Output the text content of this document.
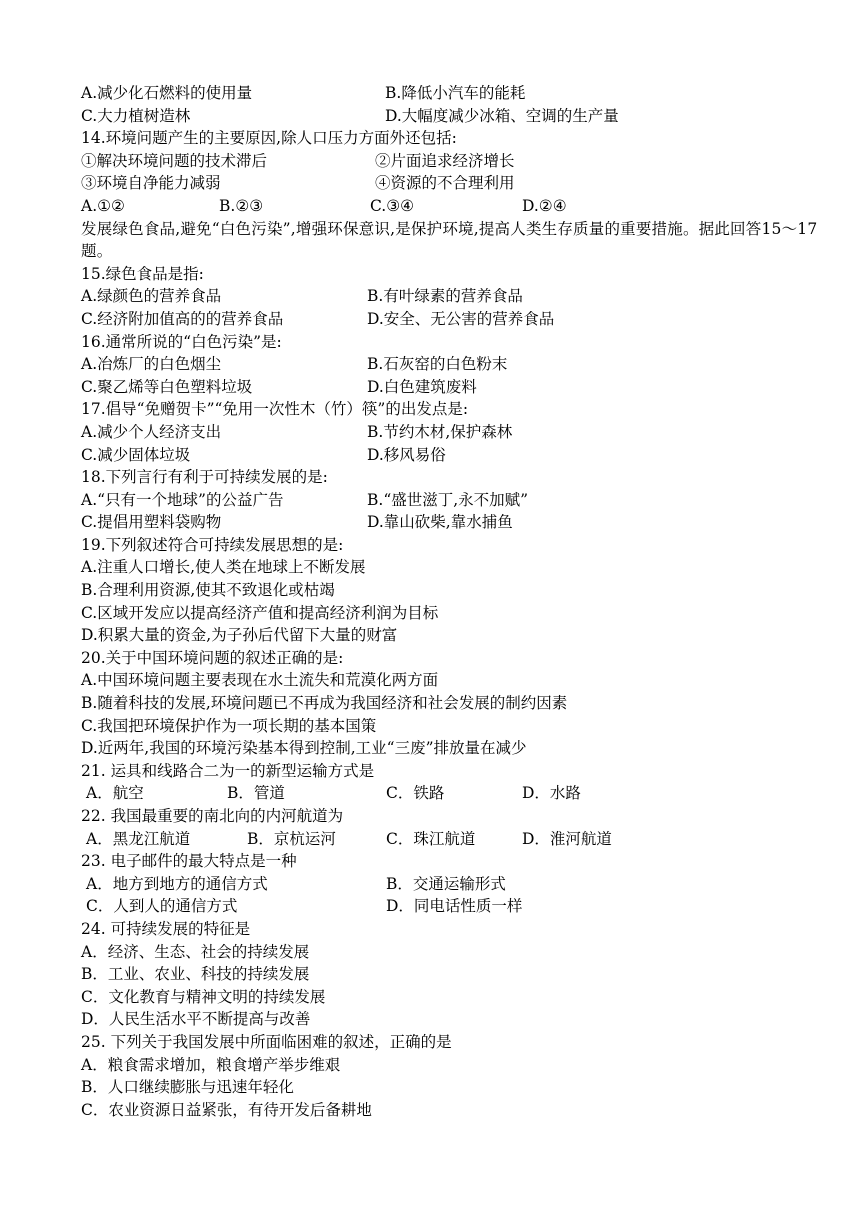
A.减少化石燃料的使用量	B.降低小汽车的能耗
C.大力植树造林	D.大幅度减少冰箱、空调的生产量
14.环境问题产生的主要原因,除人口压力方面外还包括:
①解决环境问题的技术滞后	②片面追求经济增长
③环境自净能力减弱	④资源的不合理利用
A.①②	B.②③	C.③④	D.②④
发展绿色食品,避免“白色污染”,增强环保意识,是保护环境,提高人类生存质量的重要措施。据此回答15～17题。
15.绿色食品是指:
A.绿颜色的营养食品	B.有叶绿素的营养食品
C.经济附加值高的的营养食品	D.安全、无公害的营养食品
16.通常所说的“白色污染”是:
A.冶炼厂的白色烟尘	B.石灰窑的白色粉末
C.聚乙烯等白色塑料垃圾	D.白色建筑废料
17.倡导“免赠贺卡”“免用一次性木（竹）筷”的出发点是:
A.减少个人经济支出	B.节约木材,保护森林
C.减少固体垃圾	D.移风易俗
18.下列言行有利于可持续发展的是:
A.“只有一个地球”的公益广告	B.“盛世滋丁,永不加赋”
C.提倡用塑料袋购物	D.靠山砍柴,靠水捕鱼
19.下列叙述符合可持续发展思想的是:
A.注重人口增长,使人类在地球上不断发展
B.合理利用资源,使其不致退化或枯竭
C.区域开发应以提高经济产值和提高经济利润为目标
D.积累大量的资金,为子孙后代留下大量的财富
20.关于中国环境问题的叙述正确的是:
A.中国环境问题主要表现在水土流失和荒漠化两方面
B.随着科技的发展,环境问题已不再成为我国经济和社会发展的制约因素
C.我国把环境保护作为一项长期的基本国策
D.近两年,我国的环境污染基本得到控制,工业“三废”排放量在减少
21. 运具和线路合二为一的新型运输方式是
A．航空	B．管道	C．铁路	D．水路
22. 我国最重要的南北向的内河航道为
A．黑龙江航道	B．京杭运河	C．珠江航道	D．淮河航道
23. 电子邮件的最大特点是一种
A．地方到地方的通信方式	B．交通运输形式
C．人到人的通信方式	D．同电话性质一样
24. 可持续发展的特征是
A．经济、生态、社会的持续发展
B．工业、农业、科技的持续发展
C．文化教育与精神文明的持续发展
D．人民生活水平不断提高与改善
25. 下列关于我国发展中所面临困难的叙述，正确的是
A．粮食需求增加，粮食增产举步维艰
B．人口继续膨胀与迅速年轻化
C．农业资源日益紧张，有待开发后备耕地
